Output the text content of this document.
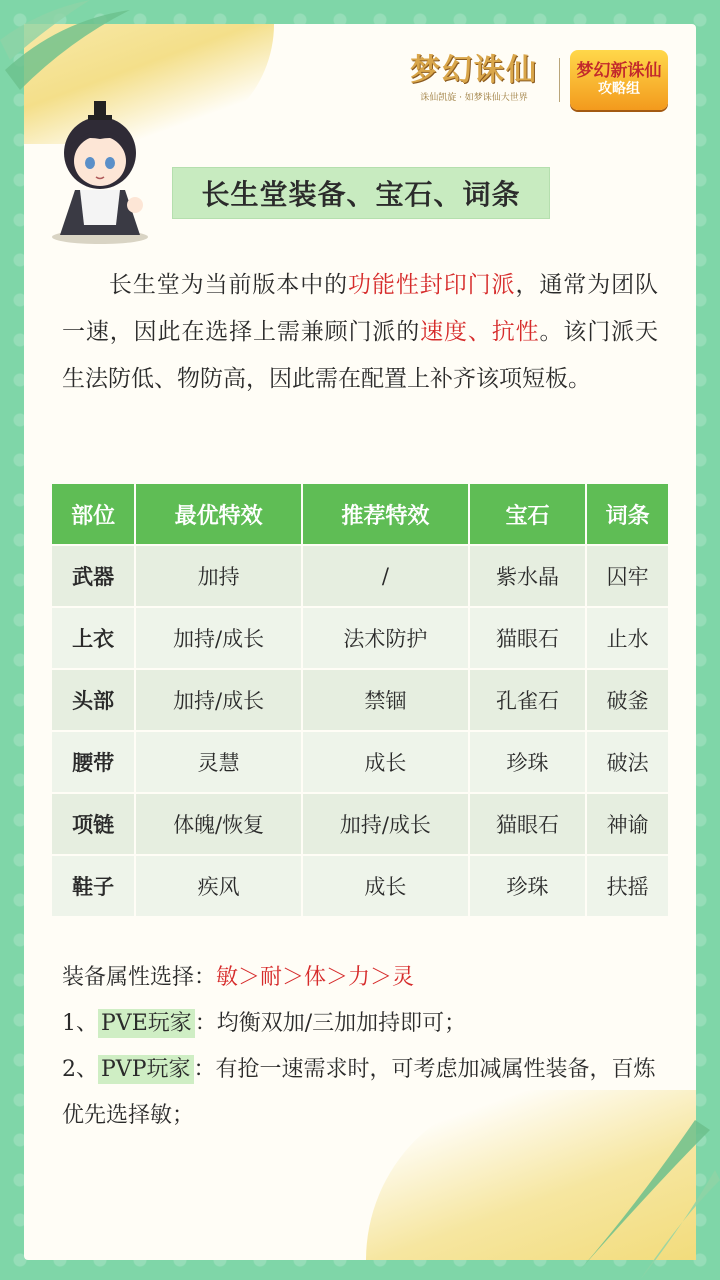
梦幻诛仙
诛仙凯旋 · 如梦诛仙大世界
梦幻新诛仙
攻略组
长生堂装备、宝石、词条
长生堂为当前版本中的功能性封印门派，通常为团队一速，因此在选择上需兼顾门派的速度、抗性。该门派天生法防低、物防高，因此需在配置上补齐该项短板。
部位	最优特效	推荐特效	宝石	词条
武器	加持	/	紫水晶	囚牢
上衣	加持/成长	法术防护	猫眼石	止水
头部	加持/成长	禁锢	孔雀石	破釜
腰带	灵慧	成长	珍珠	破法
项链	体魄/恢复	加持/成长	猫眼石	神谕
鞋子	疾风	成长	珍珠	扶摇
装备属性选择：敏＞耐＞体＞力＞灵
1、 PVE玩家 ：均衡双加/三加加持即可；
2、 PVP玩家 ：有抢一速需求时，可考虑加减属性装备，百炼优先选择敏；
